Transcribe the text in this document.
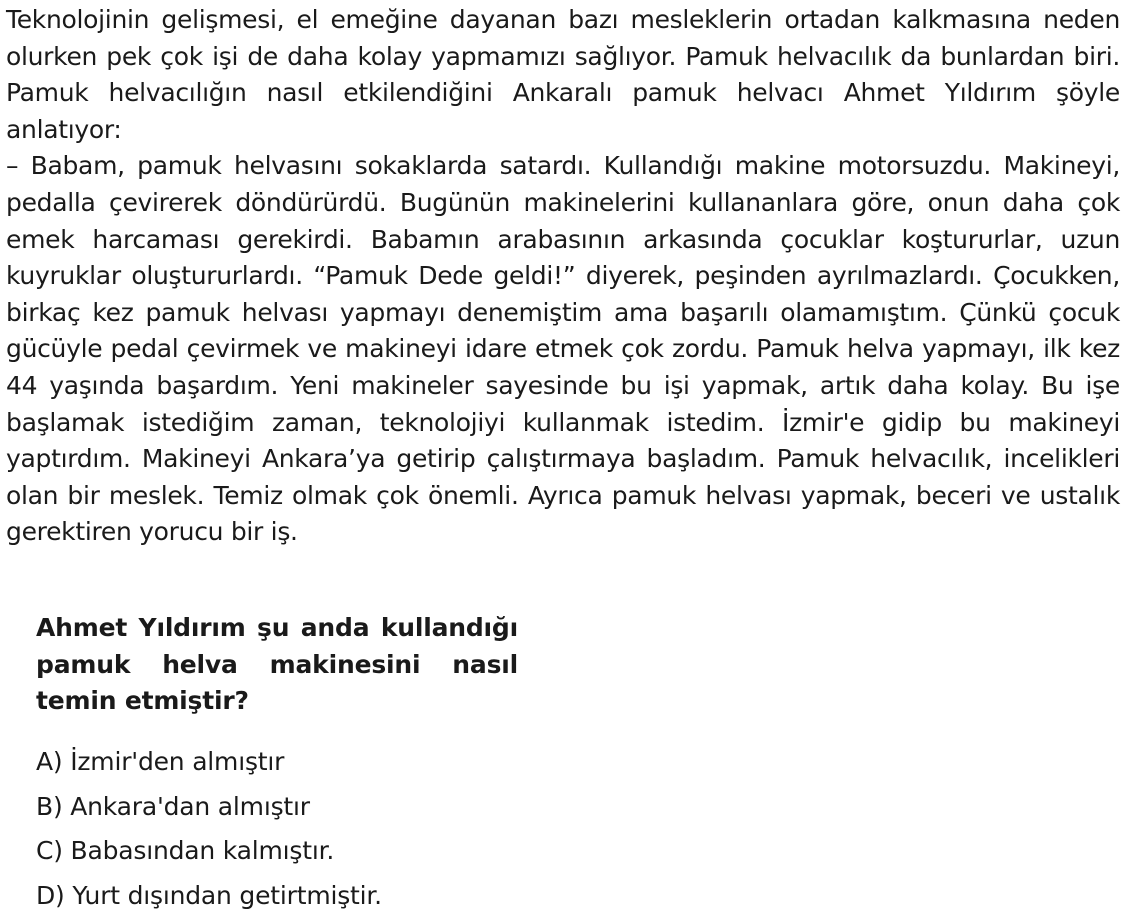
Teknolojinin gelişmesi, el emeğine dayanan bazı mesleklerin ortadan kalkmasına neden olurken pek çok işi de daha kolay yapmamızı sağlıyor. Pamuk helvacılık da bunlardan biri. Pamuk helvacılığın nasıl etkilendiğini Ankaralı pamuk helvacı Ahmet Yıldırım şöyle anlatıyor:

– Babam, pamuk helvasını sokaklarda satardı. Kullandığı makine motorsuzdu. Makineyi, pedalla çevirerek döndürürdü. Bugünün makinelerini kullananlara göre, onun daha çok emek harcaması gerekirdi. Babamın arabasının arkasında çocuklar koştururlar, uzun kuyruklar oluştururlardı. “Pamuk Dede geldi!” diyerek, peşinden ayrılmazlardı. Çocukken, birkaç kez pamuk helvası yapmayı denemiştim ama başarılı olamamıştım. Çünkü çocuk gücüyle pedal çevirmek ve makineyi idare etmek çok zordu. Pamuk helva yapmayı, ilk kez 44 yaşında başardım. Yeni makineler sayesinde bu işi yapmak, artık daha kolay. Bu işe başlamak istediğim zaman, teknolojiyi kullanmak istedim. İzmir'e gidip bu makineyi yaptırdım. Makineyi Ankara’ya getirip çalıştırmaya başladım. Pamuk helvacılık, incelikleri olan bir meslek. Temiz olmak çok önemli. Ayrıca pamuk helvası yapmak, beceri ve ustalık gerektiren yorucu bir iş.

Ahmet Yıldırım şu anda kullandığı pamuk helva makinesini nasıl temin etmiştir?
A) İzmir'den almıştır
B) Ankara'dan almıştır
C) Babasından kalmıştır.
D) Yurt dışından getirtmiştir.
